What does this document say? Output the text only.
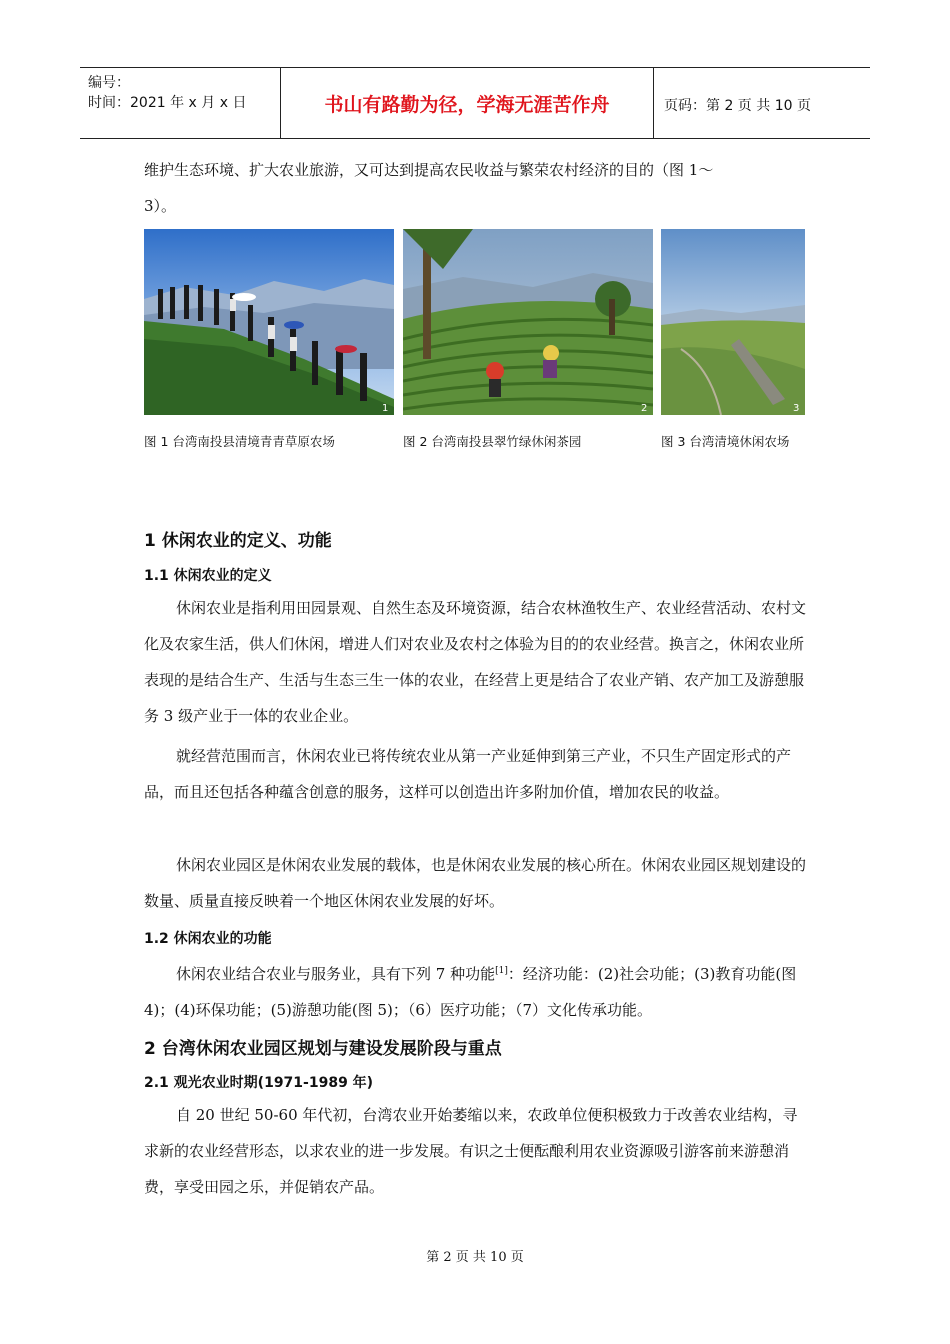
编号：
时间：2021 年 x 月 x 日	书山有路勤为径，学海无涯苦作舟	页码：第 2 页 共 10 页
维护生态环境、扩大农业旅游，又可达到提高农民收益与繁荣农村经济的目的（图 1～
3）。
1	2	3
图 1 台湾南投县清境青青草原农场	图 2 台湾南投县翠竹绿休闲茶园	图 3 台湾清境休闲农场
1 休闲农业的定义、功能
1.1 休闲农业的定义
休闲农业是指利用田园景观、自然生态及环境资源，结合农林渔牧生产、农业经营活动、农村文化及农家生活，供人们休闲，增进人们对农业及农村之体验为目的的农业经营。换言之，休闲农业所表现的是结合生产、生活与生态三生一体的农业，在经营上更是结合了农业产销、农产加工及游憩服务 3 级产业于一体的农业企业。
就经营范围而言，休闲农业已将传统农业从第一产业延伸到第三产业，不只生产固定形式的产品，而且还包括各种蕴含创意的服务，这样可以创造出许多附加价值，增加农民的收益。
休闲农业园区是休闲农业发展的载体，也是休闲农业发展的核心所在。休闲农业园区规划建设的数量、质量直接反映着一个地区休闲农业发展的好坏。
1.2 休闲农业的功能
休闲农业结合农业与服务业，具有下列 7 种功能[1]：经济功能：(2)社会功能；(3)教育功能(图 4)；(4)环保功能；(5)游憩功能(图 5)；（6）医疗功能；（7）文化传承功能。
2 台湾休闲农业园区规划与建设发展阶段与重点
2.1 观光农业时期(1971-1989 年)
自 20 世纪 50-60 年代初，台湾农业开始萎缩以来，农政单位便积极致力于改善农业结构，寻求新的农业经营形态，以求农业的进一步发展。有识之士便酝酿利用农业资源吸引游客前来游憩消费，享受田园之乐，并促销农产品。
第 2 页 共 10 页
